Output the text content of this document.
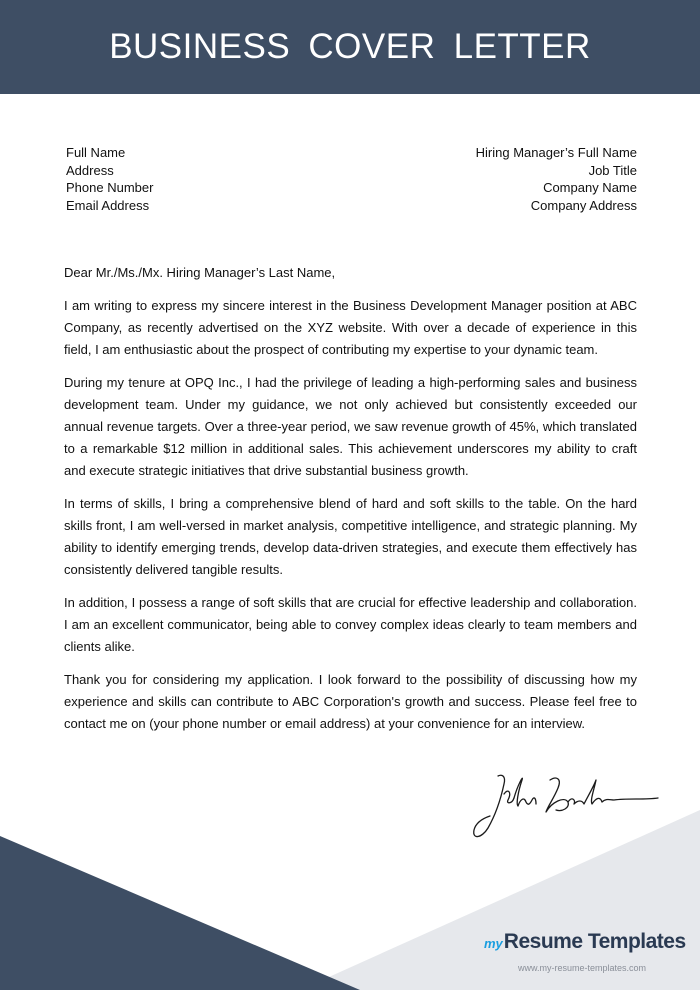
BUSINESS COVER LETTER
Full Name
Address
Phone Number
Email Address
Hiring Manager’s Full Name
Job Title
Company Name
Company Address

Dear Mr./Ms./Mx. Hiring Manager’s Last Name,

I am writing to express my sincere interest in the Business Development Manager position at ABC Company, as recently advertised on the XYZ website. With over a decade of experience in this field, I am enthusiastic about the prospect of contributing my expertise to your dynamic team.

During my tenure at OPQ Inc., I had the privilege of leading a high-performing sales and business development team. Under my guidance, we not only achieved but consistently exceeded our annual revenue targets. Over a three-year period, we saw revenue growth of 45%, which translated to a remarkable $12 million in additional sales. This achievement underscores my ability to craft and execute strategic initiatives that drive substantial business growth.

In terms of skills, I bring a comprehensive blend of hard and soft skills to the table. On the hard skills front, I am well-versed in market analysis, competitive intelligence, and strategic planning. My ability to identify emerging trends, develop data-driven strategies, and execute them effectively has consistently delivered tangible results.

In addition, I possess a range of soft skills that are crucial for effective leadership and collaboration. I am an excellent communicator, being able to convey complex ideas clearly to team members and clients alike.

Thank you for considering my application. I look forward to the possibility of discussing how my experience and skills can contribute to ABC Corporation's growth and success. Please feel free to contact me on (your phone number or email address) at your convenience for an interview.

my Resume Templates
www.my-resume-templates.com
